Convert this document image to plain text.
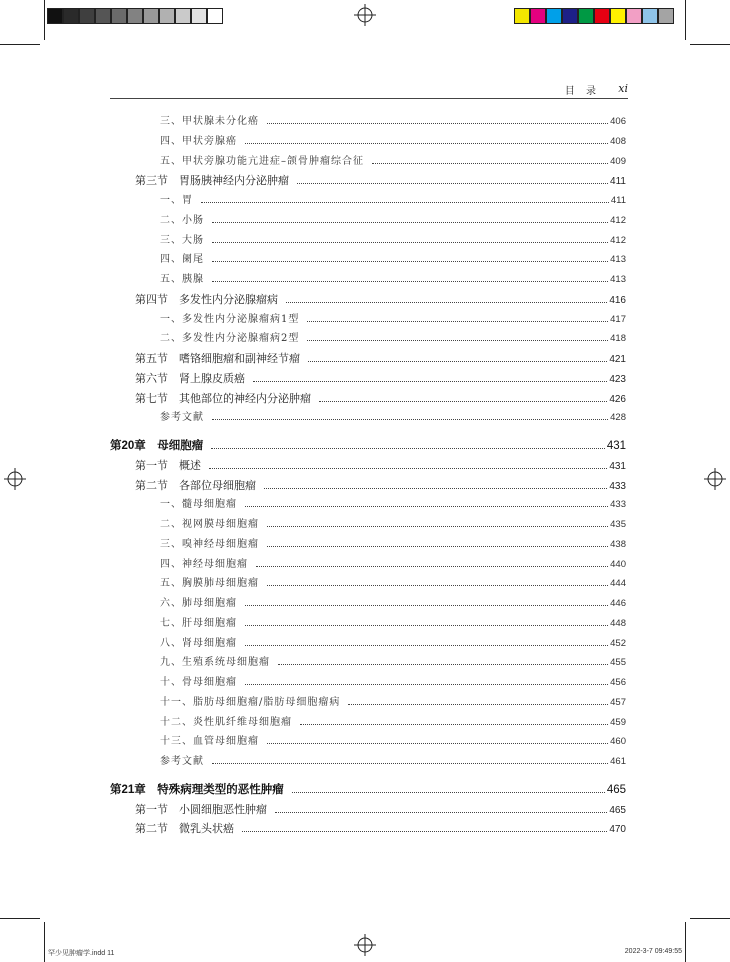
目 录 xi
三、甲状腺未分化癌	406
四、甲状旁腺癌	408
五、甲状旁腺功能亢进症–颌骨肿瘤综合征	409
第三节　胃肠胰神经内分泌肿瘤	411
一、胃	411
二、小肠	412
三、大肠	412
四、阑尾	413
五、胰腺	413
第四节　多发性内分泌腺瘤病	416
一、多发性内分泌腺瘤病1型	417
二、多发性内分泌腺瘤病2型	418
第五节　嗜铬细胞瘤和副神经节瘤	421
第六节　肾上腺皮质癌	423
第七节　其他部位的神经内分泌肿瘤	426
参考文献	428
第20章　母细胞瘤	431
第一节　概述	431
第二节　各部位母细胞瘤	433
一、髓母细胞瘤	433
二、视网膜母细胞瘤	435
三、嗅神经母细胞瘤	438
四、神经母细胞瘤	440
五、胸膜肺母细胞瘤	444
六、肺母细胞瘤	446
七、肝母细胞瘤	448
八、肾母细胞瘤	452
九、生殖系统母细胞瘤	455
十、骨母细胞瘤	456
十一、脂肪母细胞瘤/脂肪母细胞瘤病	457
十二、炎性肌纤维母细胞瘤	459
十三、血管母细胞瘤	460
参考文献	461
第21章　特殊病理类型的恶性肿瘤	465
第一节　小圆细胞恶性肿瘤	465
第二节　微乳头状癌	470
罕少见肿瘤学.indd 11	2022-3-7 09:49:55
